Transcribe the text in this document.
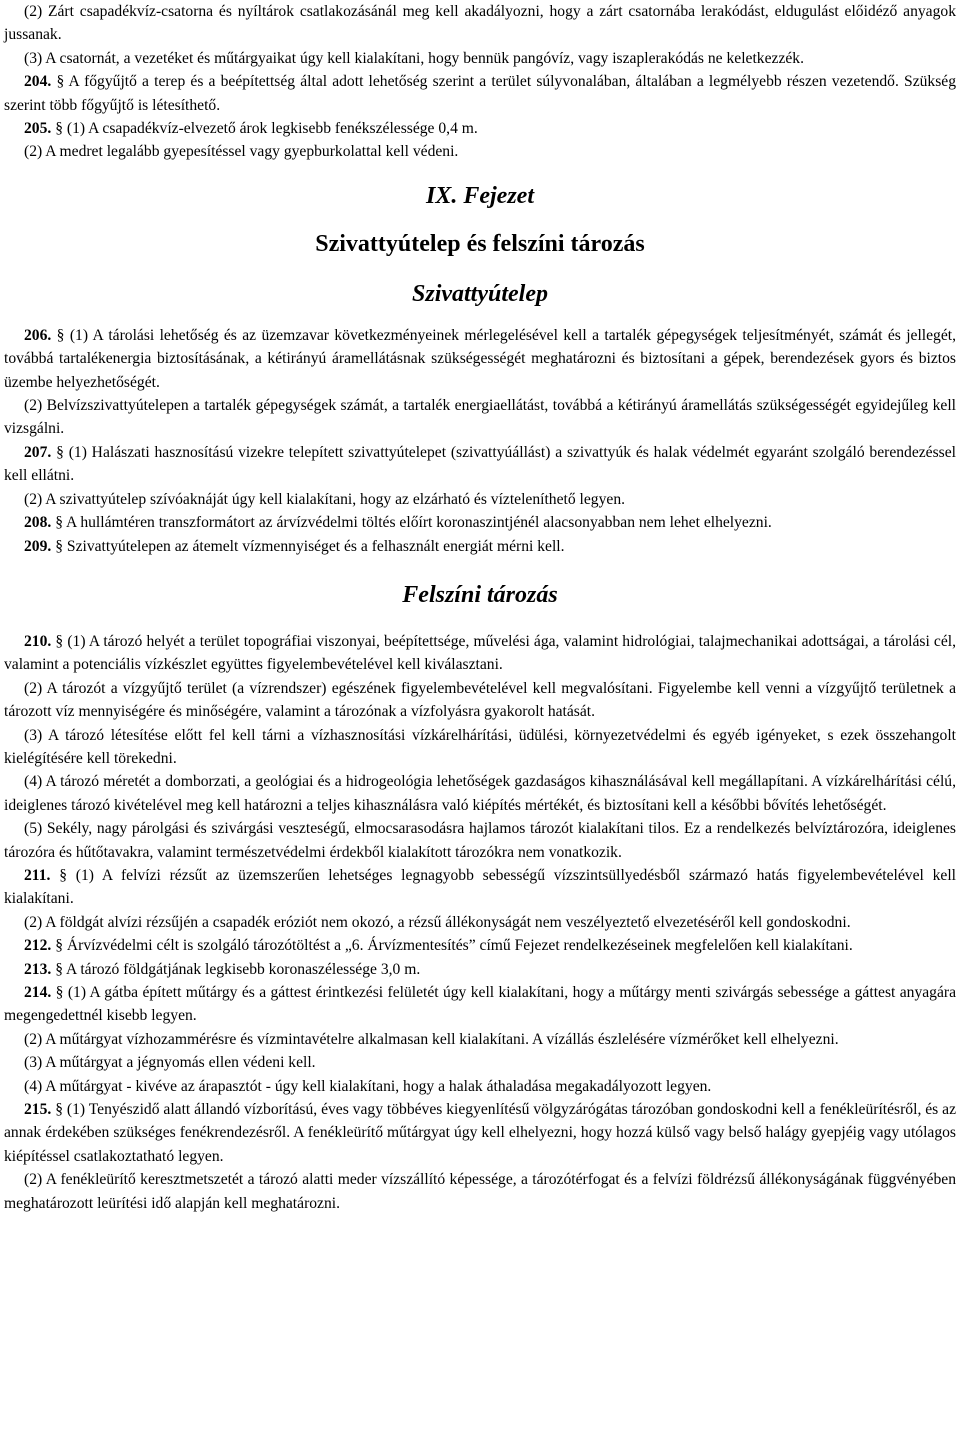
(2) Zárt csapadékvíz-csatorna és nyíltárok csatlakozásánál meg kell akadályozni, hogy a zárt csatornába lerakódást, eldugulást előidéző anyagok jussanak.

(3) A csatornát, a vezetéket és műtárgyaikat úgy kell kialakítani, hogy bennük pangóvíz, vagy iszaplerakódás ne keletkezzék.

204. § A főgyűjtő a terep és a beépítettség által adott lehetőség szerint a terület súlyvonalában, általában a legmélyebb részen vezetendő. Szükség szerint több főgyűjtő is létesíthető.

205. § (1) A csapadékvíz-elvezető árok legkisebb fenékszélessége 0,4 m.

(2) A medret legalább gyepesítéssel vagy gyepburkolattal kell védeni.

IX. Fejezet
Szivattyútelep és felszíni tározás
Szivattyútelep

206. § (1) A tárolási lehetőség és az üzemzavar következményeinek mérlegelésével kell a tartalék gépegységek teljesítményét, számát és jellegét, továbbá tartalékenergia biztosításának, a kétirányú áramellátásnak szükségességét meghatározni és biztosítani a gépek, berendezések gyors és biztos üzembe helyezhetőségét.

(2) Belvízszivattyútelepen a tartalék gépegységek számát, a tartalék energiaellátást, továbbá a kétirányú áramellátás szükségességét egyidejűleg kell vizsgálni.

207. § (1) Halászati hasznosítású vizekre telepített szivattyútelepet (szivattyúállást) a szivattyúk és halak védelmét egyaránt szolgáló berendezéssel kell ellátni.

(2) A szivattyútelep szívóaknáját úgy kell kialakítani, hogy az elzárható és víztelеníthető legyen.

208. § A hullámtéren transzformátort az árvízvédelmi töltés előírt koronaszintjénél alacsonyabban nem lehet elhelyezni.

209. § Szivattyútelepen az átemelt vízmennyiséget és a felhasznált energiát mérni kell.

Felszíni tározás

210. § (1) A tározó helyét a terület topográfiai viszonyai, beépítettsége, művelési ága, valamint hidrológiai, talajmechanikai adottságai, a tárolási cél, valamint a potenciális vízkészlet együttes figyelembevételével kell kiválasztani.

(2) A tározót a vízgyűjtő terület (a vízrendszer) egészének figyelembevételével kell megvalósítani. Figyelembe kell venni a vízgyűjtő területnek a tározott víz mennyiségére és minőségére, valamint a tározónak a vízfolyásra gyakorolt hatását.

(3) A tározó létesítése előtt fel kell tárni a vízhasznosítási vízkárelhárítási, üdülési, környezetvédelmi és egyéb igényeket, s ezek összehangolt kielégítésére kell törekedni.

(4) A tározó méretét a domborzati, a geológiai és a hidrogeológia lehetőségek gazdaságos kihasználásával kell megállapítani. A vízkárelhárítási célú, ideiglenes tározó kivételével meg kell határozni a teljes kihasználásra való kiépítés mértékét, és biztosítani kell a későbbi bővítés lehetőségét.

(5) Sekély, nagy párolgási és szivárgási veszteségű, elmocsarasodásra hajlamos tározót kialakítani tilos. Ez a rendelkezés belvíztározóra, ideiglenes tározóra és hűtőtavakra, valamint természetvédelmi érdekből kialakított tározókra nem vonatkozik.

211. § (1) A felvízi rézsűt az üzemszerűen lehetséges legnagyobb sebességű vízszintsüllyedésből származó hatás figyelembevételével kell kialakítani.

(2) A földgát alvízi rézsűjén a csapadék eróziót nem okozó, a rézsű állékonyságát nem veszélyeztető elvezetéséről kell gondoskodni.

212. § Árvízvédelmi célt is szolgáló tározótöltést a „6. Árvízmentesítés” című Fejezet rendelkezéseinek megfelelően kell kialakítani.

213. § A tározó földgátjának legkisebb koronaszélessége 3,0 m.

214. § (1) A gátba épített műtárgy és a gáttest érintkezési felületét úgy kell kialakítani, hogy a műtárgy menti szivárgás sebessége a gáttest anyagára megengedettnél kisebb legyen.

(2) A műtárgyat vízhozammérésre és vízmintavételre alkalmasan kell kialakítani. A vízállás észlelésére vízmérőket kell elhelyezni.

(3) A műtárgyat a jégnyomás ellen védeni kell.

(4) A műtárgyat - kivéve az árapasztót - úgy kell kialakítani, hogy a halak áthaladása megakadályozott legyen.

215. § (1) Tenyészidő alatt állandó vízborítású, éves vagy többéves kiegyenlítésű völgyzárógátas tározóban gondoskodni kell a fenékleürítésről, és az annak érdekében szükséges fenékrendezésről. A fenékleürítő műtárgyat úgy kell elhelyezni, hogy hozzá külső vagy belső halágy gyepjéig vagy utólagos kiépítéssel csatlakoztatható legyen.

(2) A fenékleürítő keresztmetszetét a tározó alatti meder vízszállító képessége, a tározótérfogat és a felvízi földrézsű állékonyságának függvényében meghatározott leürítési idő alapján kell meghatározni.
